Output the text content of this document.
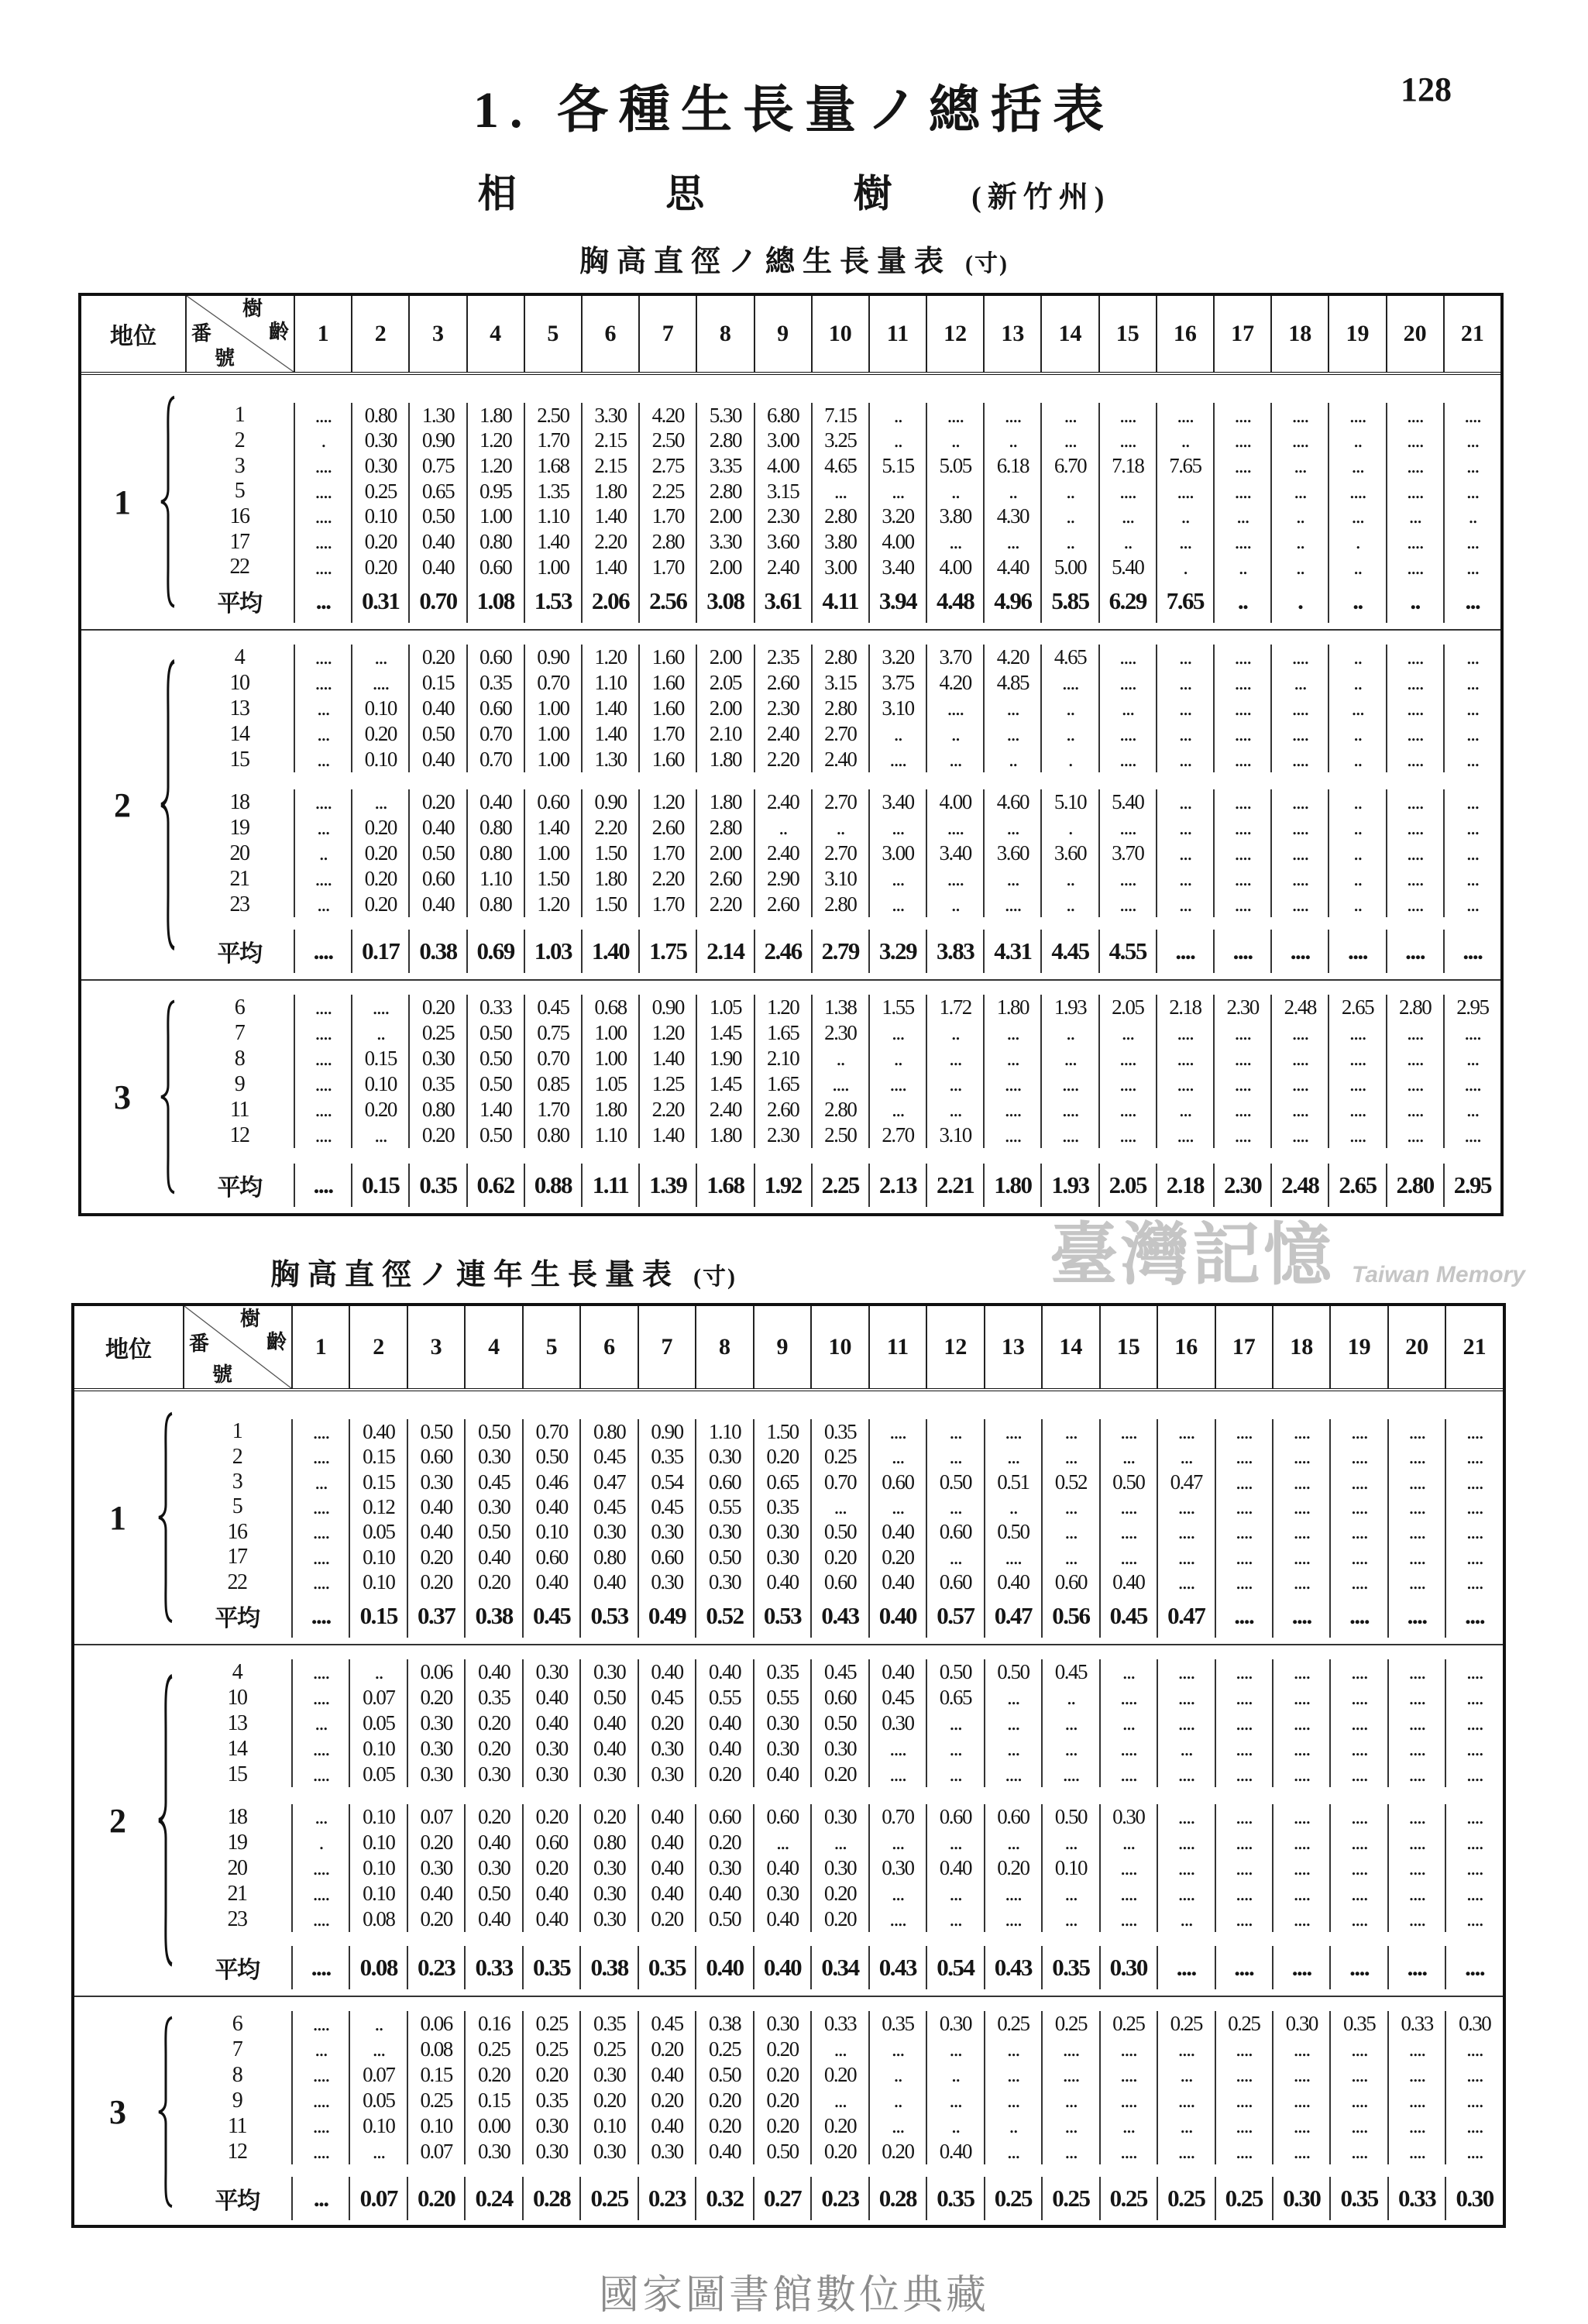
1. 各種生長量ノ總括表	128
相 思 樹 (新竹州)
胸高直徑ノ總生長量表 (寸)
地位
樹
齡
番
號
1	2	3	4	5	6	7	8	9	10	11	12	13	14	15	16	17	18	19	20	21
1
1	....	0.80	1.30	1.80	2.50	3.30	4.20	5.30	6.80	7.15	..	....	....	...	....	....	....	....	....	....	....
2	.	0.30	0.90	1.20	1.70	2.15	2.50	2.80	3.00	3.25	..	..	..	...	....	..	....	....	..	....	...
3	....	0.30	0.75	1.20	1.68	2.15	2.75	3.35	4.00	4.65	5.15	5.05	6.18	6.70	7.18	7.65	....	...	...	....	...
5	....	0.25	0.65	0.95	1.35	1.80	2.25	2.80	3.15	...	...	..	..	..	....	....	....	...	....	....	...
16	....	0.10	0.50	1.00	1.10	1.40	1.70	2.00	2.30	2.80	3.20	3.80	4.30	..	...	..	...	..	...	...	..
17	....	0.20	0.40	0.80	1.40	2.20	2.80	3.30	3.60	3.80	4.00	...	...	..	..	...	....	..	.	....	...
22	....	0.20	0.40	0.60	1.00	1.40	1.70	2.00	2.40	3.00	3.40	4.00	4.40	5.00	5.40	.	..	..	..	....	...
平均	...	0.31 0.70 1.08 1.53 2.06 2.56 3.08 3.61 4.11 3.94 4.48 4.96 5.85 6.29 7.65	..	.	..	..	...
2
4	....	...	0.20	0.60	0.90	1.20	1.60	2.00	2.35	2.80	3.20	3.70	4.20	4.65	....	...	....	....	..	....	...
10	....	....	0.15	0.35	0.70	1.10	1.60	2.05	2.60	3.15	3.75	4.20	4.85	....	....	...	....	...	..	....	...
13	...	0.10	0.40	0.60	1.00	1.40	1.60	2.00	2.30	2.80	3.10	....	...	..	...	...	....	....	...	....	...
14	...	0.20	0.50	0.70	1.00	1.40	1.70	2.10	2.40	2.70	..	..	...	..	....	...	....	....	..	....	...
15	...	0.10	0.40	0.70	1.00	1.30	1.60	1.80	2.20	2.40	....	...	..	.	....	...	....	....	..	....	...
18	....	...	0.20	0.40	0.60	0.90	1.20	1.80	2.40	2.70	3.40	4.00	4.60	5.10	5.40	...	....	....	..	....	...
19	...	0.20	0.40	0.80	1.40	2.20	2.60	2.80	..	..	...	....	...	.	....	...	....	....	..	....	...
20	..	0.20	0.50	0.80	1.00	1.50	1.70	2.00	2.40	2.70	3.00	3.40	3.60	3.60	3.70	...	....	....	..	....	...
21	....	0.20	0.60	1.10	1.50	1.80	2.20	2.60	2.90	3.10	...	....	...	..	....	...	....	....	..	....	...
23	...	0.20	0.40	0.80	1.20	1.50	1.70	2.20	2.60	2.80	...	..	....	..	....	...	....	....	..	....	...
平均	....	0.17 0.38 0.69 1.03 1.40 1.75 2.14 2.46 2.79 3.29 3.83 4.31 4.45 4.55	....	....	....	....	....	....
3
6	....	....	0.20	0.33	0.45	0.68	0.90	1.05	1.20	1.38	1.55	1.72	1.80	1.93	2.05	2.18	2.30	2.48	2.65	2.80	2.95
7	....	..	0.25	0.50	0.75	1.00	1.20	1.45	1.65	2.30	...	..	...	..	...	....	....	....	....	....	....
8	....	0.15	0.30	0.50	0.70	1.00	1.40	1.90	2.10	..	..	...	...	...	....	....	....	....	....	....	...
9	....	0.10	0.35	0.50	0.85	1.05	1.25	1.45	1.65	....	....	...	....	....	....	....	....	....	....	....	....
11	....	0.20	0.80	1.40	1.70	1.80	2.20	2.40	2.60	2.80	...	...	....	....	....	...	....	....	....	....	...
12	....	...	0.20	0.50	0.80	1.10	1.40	1.80	2.30	2.50	2.70	3.10	....	....	....	....	....	....	....	....	....
平均	....	0.15 0.35 0.62 0.88 1.11 1.39 1.68 1.92 2.25 2.13 2.21 1.80 1.93 2.05 2.18 2.30 2.48 2.65 2.80 2.95
胸高直徑ノ連年生長量表 (寸)
地位
樹
齡
番
號
1	2	3	4	5	6	7	8	9	10	11	12	13	14	15	16	17	18	19	20	21
1
1	....	0.40	0.50	0.50	0.70	0.80	0.90	1.10	1.50	0.35	....	...	....	...	....	....	....	....	....	....	....
2	....	0.15	0.60	0.30	0.50	0.45	0.35	0.30	0.20	0.25	...	...	...	...	...	...	....	....	....	....	....
3	...	0.15	0.30	0.45	0.46	0.47	0.54	0.60	0.65	0.70	0.60	0.50	0.51	0.52	0.50	0.47	....	....	....	....	....
5	....	0.12	0.40	0.30	0.40	0.45	0.45	0.55	0.35	...	...	...	..	...	....	....	....	....	....	....	....
16	....	0.05	0.40	0.50	0.10	0.30	0.30	0.30	0.30	0.50	0.40	0.60	0.50	...	....	....	....	....	....	....	....
17	....	0.10	0.20	0.40	0.60	0.80	0.60	0.50	0.30	0.20	0.20	...	....	...	....	....	....	....	....	....	....
22	....	0.10	0.20	0.20	0.40	0.40	0.30	0.30	0.40	0.60	0.40	0.60	0.40	0.60	0.40	....	....	....	....	....	....
平均	....	0.15 0.37 0.38 0.45 0.53 0.49 0.52 0.53 0.43 0.40 0.57 0.47 0.56 0.45 0.47	....	....	....	....	....
2
4	....	..	0.06	0.40	0.30	0.30	0.40	0.40	0.35	0.45	0.40	0.50	0.50	0.45	...	....	....	....	....	....	....
10	....	0.07	0.20	0.35	0.40	0.50	0.45	0.55	0.55	0.60	0.45	0.65	...	..	....	....	....	....	....	....	....
13	...	0.05	0.30	0.20	0.40	0.40	0.20	0.40	0.30	0.50	0.30	...	...	...	...	....	....	....	....	....	....
14	....	0.10	0.30	0.20	0.30	0.40	0.30	0.40	0.30	0.30	....	...	...	...	....	...	....	....	....	....	....
15	....	0.05	0.30	0.30	0.30	0.30	0.30	0.20	0.40	0.20	....	...	....	....	....	....	....	....	....	....	....
18	...	0.10	0.07	0.20	0.20	0.20	0.40	0.60	0.60	0.30	0.70	0.60	0.60	0.50	0.30	....	....	....	....	....	....
19	.	0.10	0.20	0.40	0.60	0.80	0.40	0.20	...	...	...	...	...	...	...	....	....	....	....	....	....
20	....	0.10	0.30	0.30	0.20	0.30	0.40	0.30	0.40	0.30	0.30	0.40	0.20	0.10	....	....	....	....	....	....	....
21	....	0.10	0.40	0.50	0.40	0.30	0.40	0.40	0.30	0.20	...	...	....	...	....	....	....	....	....	....	....
23	....	0.08	0.20	0.40	0.40	0.30	0.20	0.50	0.40	0.20	....	...	....	...	....	...	....	....	....	....	....
平均	....	0.08 0.23 0.33 0.35 0.38 0.35 0.40 0.40 0.34 0.43 0.54 0.43 0.35 0.30	....	....	....	....	....	....
3
6	....	..	0.06	0.16	0.25	0.35	0.45	0.38	0.30	0.33	0.35	0.30	0.25	0.25	0.25	0.25	0.25	0.30	0.35	0.33	0.30
7	...	...	0.08	0.25	0.25	0.25	0.20	0.25	0.20	...	...	...	...	....	....	....	....	....	....	....	....
8	....	0.07	0.15	0.20	0.20	0.30	0.40	0.50	0.20	0.20	..	..	...	....	....	...	....	....	....	....	....
9	....	0.05	0.25	0.15	0.35	0.20	0.20	0.20	0.20	...	..	...	...	...	....	....	....	....	....	....	....
11	....	0.10	0.10	0.00	0.30	0.10	0.40	0.20	0.20	0.20	...	..	..	...	...	...	....	....	....	....	....
12	....	...	0.07	0.30	0.30	0.30	0.30	0.40	0.50	0.20	0.20	0.40	...	...	....	....	....	....	....	....	....
平均	...	0.07 0.20 0.24 0.28 0.25 0.23 0.32 0.27 0.23 0.28 0.35 0.25 0.25 0.25 0.25 0.25 0.30 0.35 0.33 0.30
臺灣記憶 Taiwan Memory
國家圖書館數位典藏
